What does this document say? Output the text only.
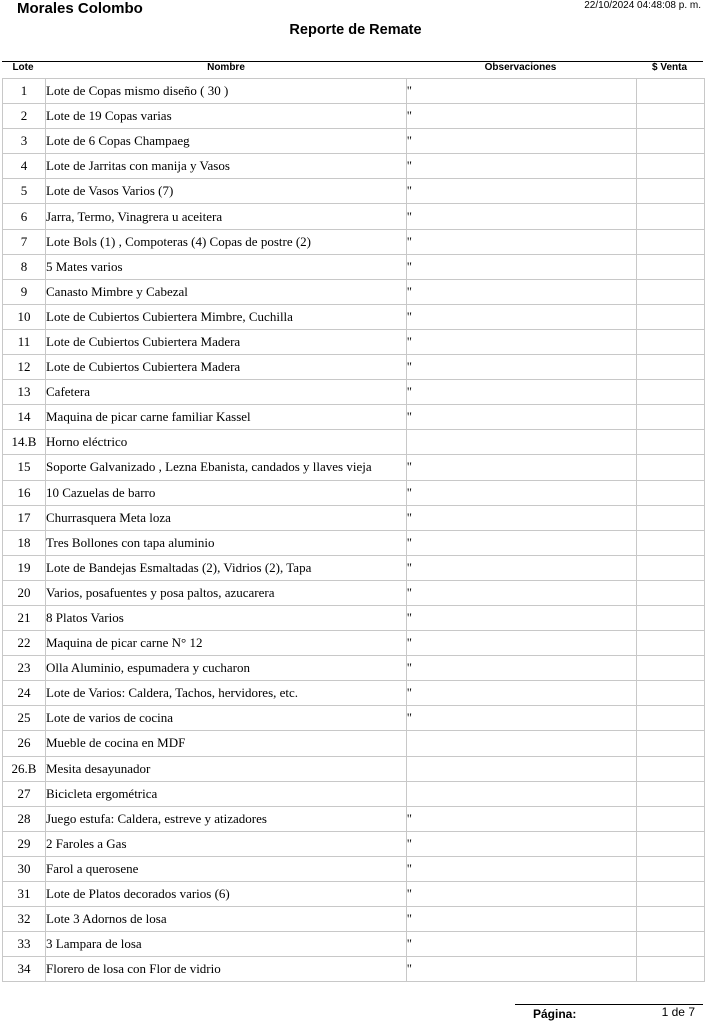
Morales Colombo	22/10/2024 04:48:08 p. m.
Reporte de Remate
Lote	Nombre	Observaciones	$ Venta
1	Lote de Copas mismo diseño ( 30 )	''	
2	Lote de 19 Copas varias	''	
3	Lote de 6 Copas Champaeg	''	
4	Lote de Jarritas con manija y Vasos	''	
5	Lote de Vasos Varios (7)	''	
6	Jarra, Termo, Vinagrera u aceitera	''	
7	Lote Bols (1) , Compoteras (4) Copas de postre (2)	''	
8	5 Mates varios	''	
9	Canasto Mimbre y Cabezal	''	
10	Lote de Cubiertos Cubiertera Mimbre, Cuchilla	''	
11	Lote de Cubiertos Cubiertera Madera	''	
12	Lote de Cubiertos Cubiertera Madera	''	
13	Cafetera	''	
14	Maquina de picar carne familiar Kassel	''	
14.B	Horno eléctrico		
15	Soporte Galvanizado , Lezna Ebanista, candados y llaves vieja	''	
16	10 Cazuelas de barro	''	
17	Churrasquera Meta loza	''	
18	Tres Bollones con tapa aluminio	''	
19	Lote de Bandejas Esmaltadas (2), Vidrios (2), Tapa	''	
20	Varios, posafuentes y posa paltos, azucarera	''	
21	8 Platos Varios	''	
22	Maquina de picar carne N° 12	''	
23	Olla Aluminio, espumadera y cucharon	''	
24	Lote de Varios: Caldera, Tachos, hervidores, etc.	''	
25	Lote de varios de cocina	''	
26	Mueble de cocina en MDF		
26.B	Mesita desayunador		
27	Bicicleta ergométrica		
28	Juego estufa: Caldera, estreve y atizadores	''	
29	2 Faroles a Gas	''	
30	Farol a querosene	''	
31	Lote de Platos decorados varios (6)	''	
32	Lote 3 Adornos de losa	''	
33	3 Lampara de losa	''	
34	Florero de losa con Flor de vidrio	''	
Página:	1 de 7
